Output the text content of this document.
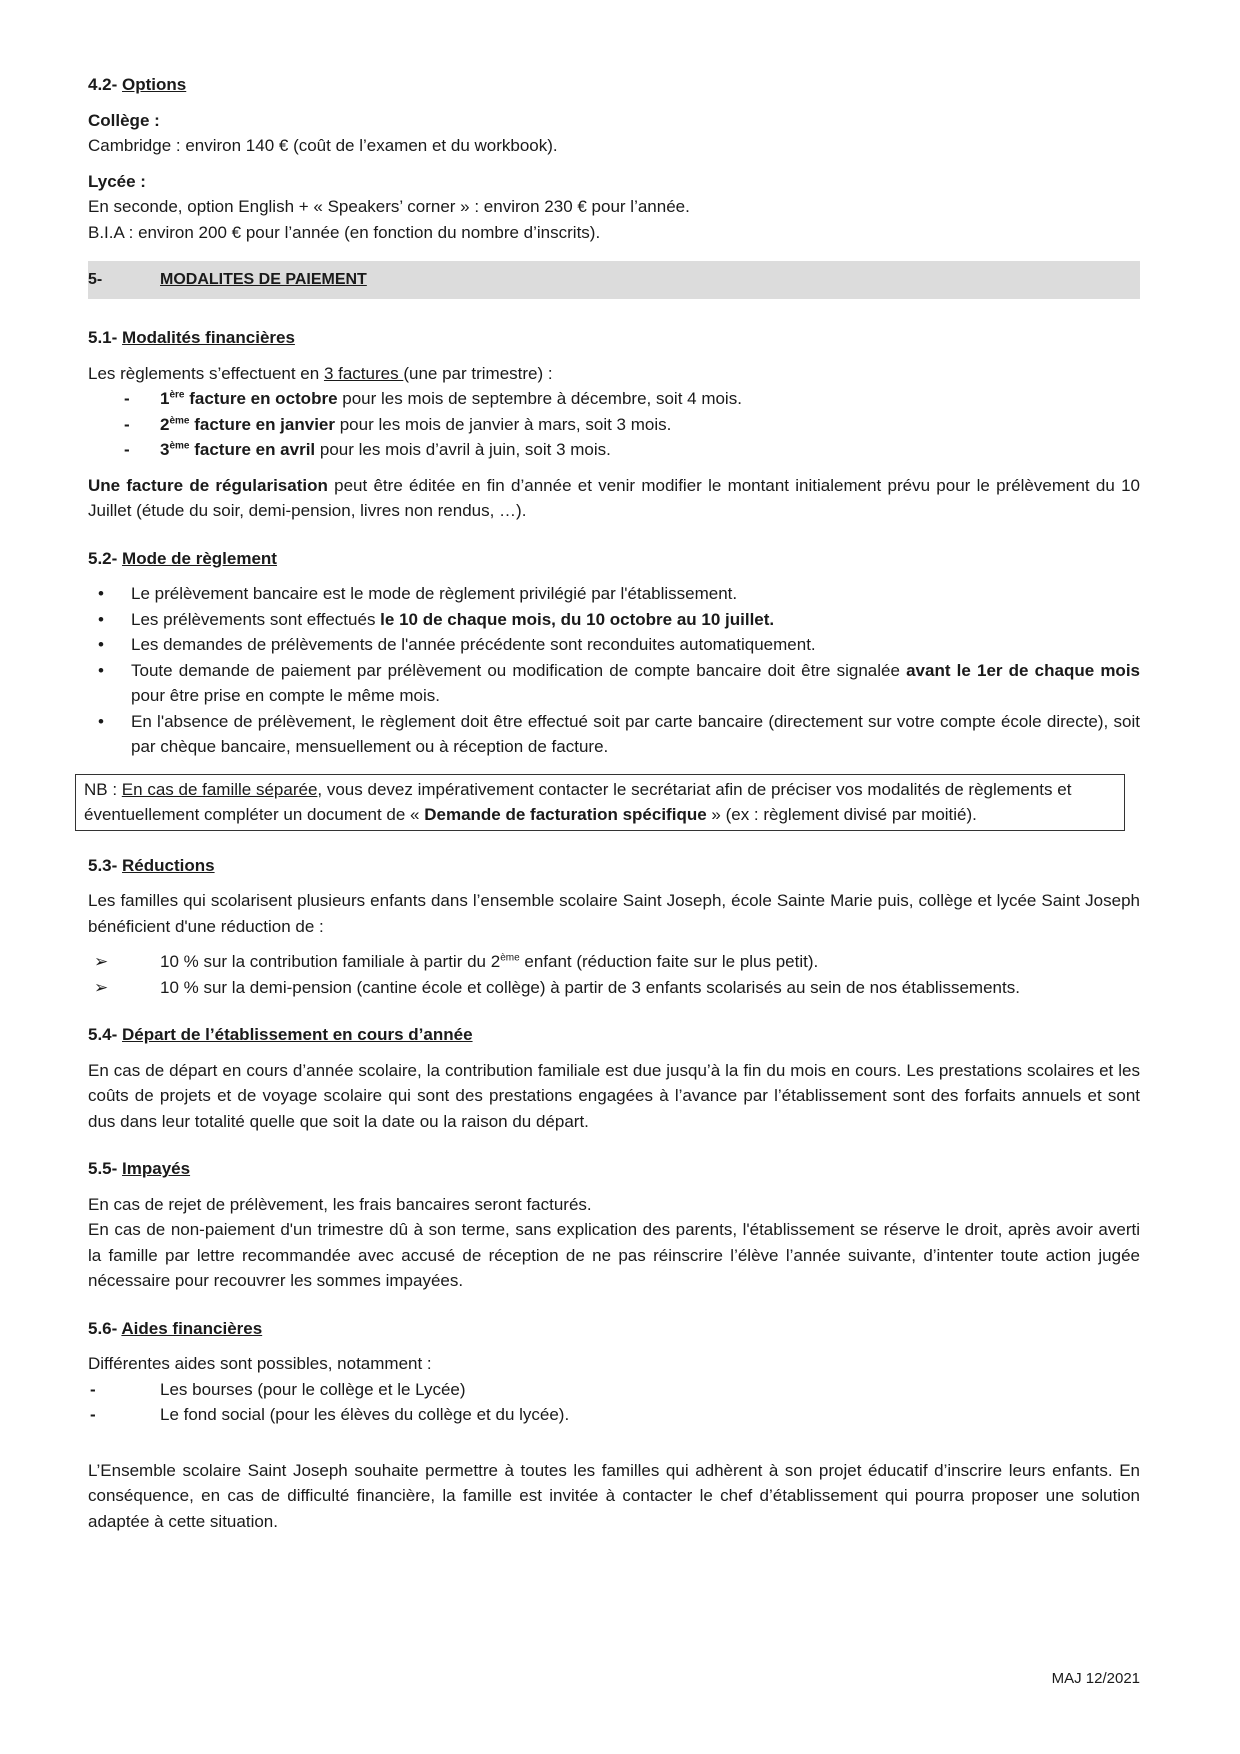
4.2- Options

Collège :

Cambridge : environ 140 € (coût de l’examen et du workbook).

Lycée :

En seconde, option English + « Speakers’ corner » : environ 230 € pour l’année.

B.I.A : environ 200 € pour l’année (en fonction du nombre d’inscrits).

5-	MODALITES DE PAIEMENT

5.1- Modalités financières

Les règlements s’effectuent en 3 factures (une par trimestre) :

-	1ère facture en octobre pour les mois de septembre à décembre, soit 4 mois.
-	2ème facture en janvier pour les mois de janvier à mars, soit 3 mois.
-	3ème facture en avril pour les mois d’avril à juin, soit 3 mois.

Une facture de régularisation peut être éditée en fin d’année et venir modifier le montant initialement prévu pour le prélèvement du 10 Juillet (étude du soir, demi-pension, livres non rendus, …).

5.2- Mode de règlement

•	Le prélèvement bancaire est le mode de règlement privilégié par l'établissement.
•	Les prélèvements sont effectués le 10 de chaque mois, du 10 octobre au 10 juillet.
•	Les demandes de prélèvements de l'année précédente sont reconduites automatiquement.
•	Toute demande de paiement par prélèvement ou modification de compte bancaire doit être signalée avant le 1er de chaque mois pour être prise en compte le même mois.
•	En l'absence de prélèvement, le règlement doit être effectué soit par carte bancaire (directement sur votre compte école directe), soit par chèque bancaire, mensuellement ou à réception de facture.
NB : En cas de famille séparée, vous devez impérativement contacter le secrétariat afin de préciser vos modalités de règlements et éventuellement compléter un document de « Demande de facturation spécifique » (ex : règlement divisé par moitié).

5.3- Réductions

Les familles qui scolarisent plusieurs enfants dans l’ensemble scolaire Saint Joseph, école Sainte Marie puis, collège et lycée Saint Joseph bénéficient d'une réduction de :

➢	10 % sur la contribution familiale à partir du 2ème enfant (réduction faite sur le plus petit).
➢	10 % sur la demi-pension (cantine école et collège) à partir de 3 enfants scolarisés au sein de nos établissements.

5.4- Départ de l’établissement en cours d’année

En cas de départ en cours d’année scolaire, la contribution familiale est due jusqu’à la fin du mois en cours. Les prestations scolaires et les coûts de projets et de voyage scolaire qui sont des prestations engagées à l’avance par l’établissement sont des forfaits annuels et sont dus dans leur totalité quelle que soit la date ou la raison du départ.

5.5- Impayés

En cas de rejet de prélèvement, les frais bancaires seront facturés.

En cas de non-paiement d'un trimestre dû à son terme, sans explication des parents, l'établissement se réserve le droit, après avoir averti la famille par lettre recommandée avec accusé de réception de ne pas réinscrire l’élève l’année suivante, d’intenter toute action jugée nécessaire pour recouvrer les sommes impayées.

5.6- Aides financières

Différentes aides sont possibles, notamment :

-	Les bourses (pour le collège et le Lycée)
-	Le fond social (pour les élèves du collège et du lycée).

L’Ensemble scolaire Saint Joseph souhaite permettre à toutes les familles qui adhèrent à son projet éducatif d’inscrire leurs enfants. En conséquence, en cas de difficulté financière, la famille est invitée à contacter le chef d’établissement qui pourra proposer une solution adaptée à cette situation.

MAJ 12/2021
